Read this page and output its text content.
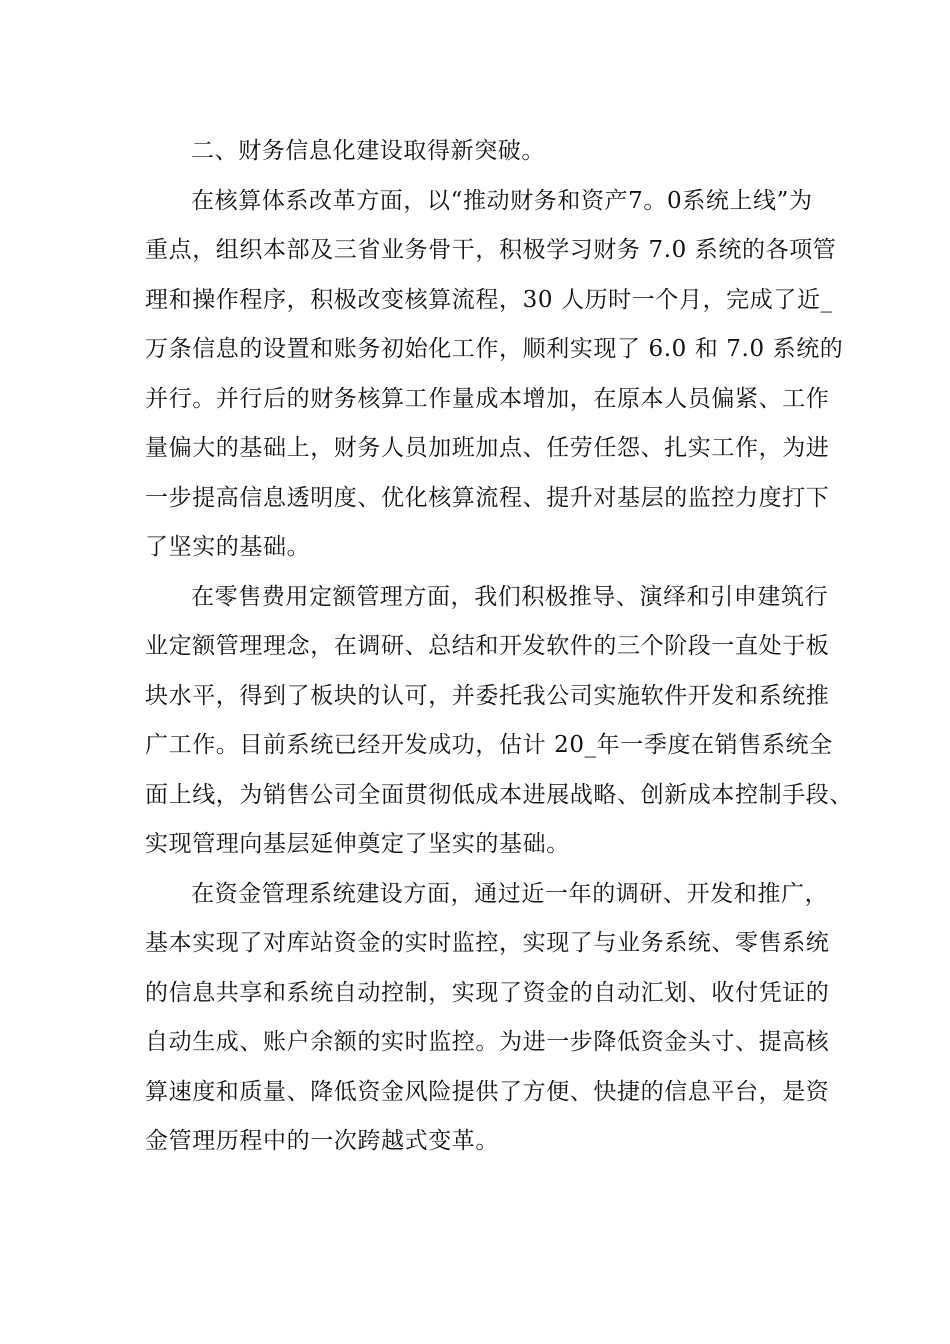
二、财务信息化建设取得新突破。
在核算体系改革方面，以“推动财务和资产7。0系统上线”为
重点，组织本部及三省业务骨干，积极学习财务 7.0 系统的各项管
理和操作程序，积极改变核算流程，30 人历时一个月，完成了近_
万条信息的设置和账务初始化工作，顺利实现了 6.0 和 7.0 系统的
并行。并行后的财务核算工作量成本增加，在原本人员偏紧、工作
量偏大的基础上，财务人员加班加点、任劳任怨、扎实工作，为进
一步提高信息透明度、优化核算流程、提升对基层的监控力度打下
了坚实的基础。
在零售费用定额管理方面，我们积极推导、演绎和引申建筑行
业定额管理理念，在调研、总结和开发软件的三个阶段一直处于板
块水平，得到了板块的认可，并委托我公司实施软件开发和系统推
广工作。目前系统已经开发成功，估计 20_年一季度在销售系统全
面上线，为销售公司全面贯彻低成本进展战略、创新成本控制手段、
实现管理向基层延伸奠定了坚实的基础。
在资金管理系统建设方面，通过近一年的调研、开发和推广，
基本实现了对库站资金的实时监控，实现了与业务系统、零售系统
的信息共享和系统自动控制，实现了资金的自动汇划、收付凭证的
自动生成、账户余额的实时监控。为进一步降低资金头寸、提高核
算速度和质量、降低资金风险提供了方便、快捷的信息平台，是资
金管理历程中的一次跨越式变革。
